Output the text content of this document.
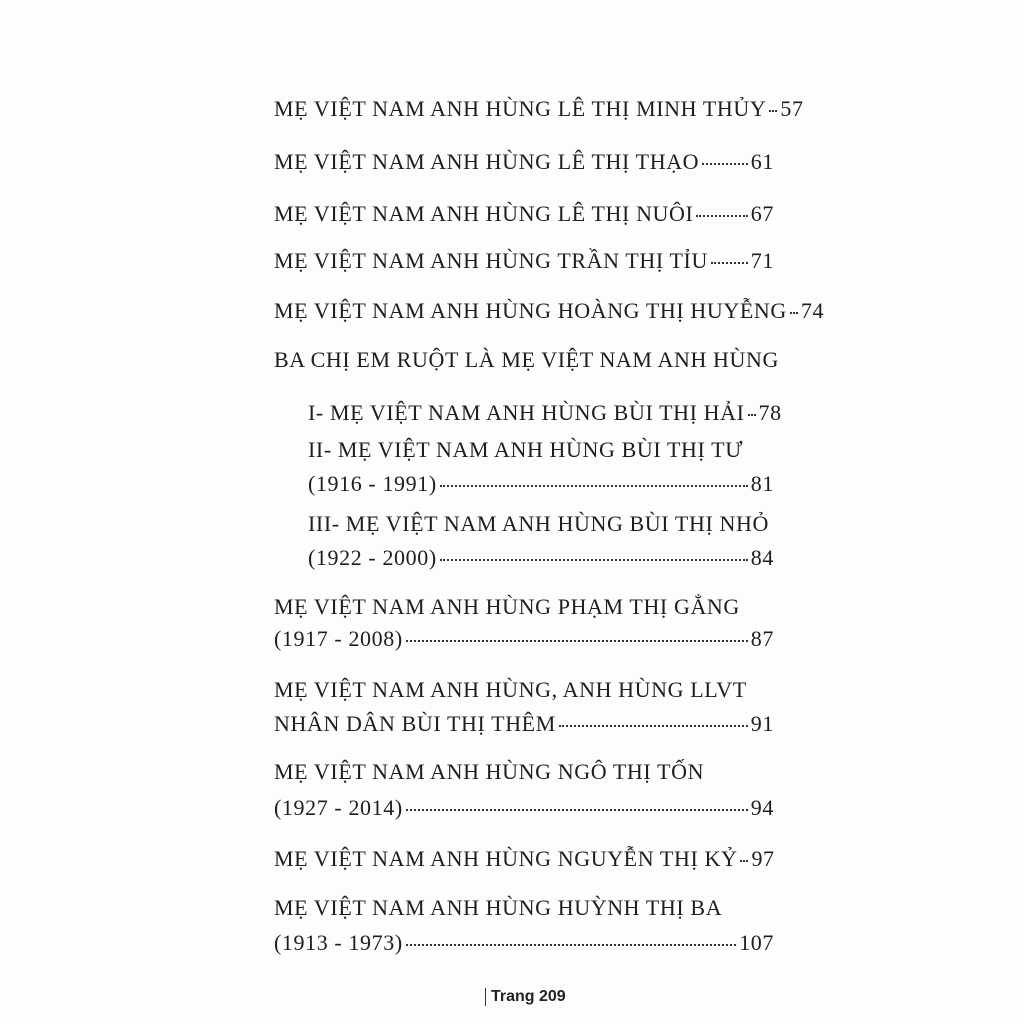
MẸ VIỆT NAM ANH HÙNG LÊ THỊ MINH THỦY 57
MẸ VIỆT NAM ANH HÙNG LÊ THỊ THẠO 61
MẸ VIỆT NAM ANH HÙNG LÊ THỊ NUÔI	67
MẸ VIỆT NAM ANH HÙNG TRẦN THỊ TỈU 71
MẸ VIỆT NAM ANH HÙNG HOÀNG THỊ HUYỄNG 74
BA CHỊ EM RUỘT LÀ MẸ VIỆT NAM ANH HÙNG
I- MẸ VIỆT NAM ANH HÙNG BÙI THỊ HẢI 78
II- MẸ VIỆT NAM ANH HÙNG BÙI THỊ TƯ
(1916 - 1991)	81
III- MẸ VIỆT NAM ANH HÙNG BÙI THỊ NHỎ
(1922 - 2000)	84
MẸ VIỆT NAM ANH HÙNG PHẠM THỊ GẲNG
(1917 - 2008)	87
MẸ VIỆT NAM ANH HÙNG, ANH HÙNG LLVT
NHÂN DÂN BÙI THỊ THÊM	91
MẸ VIỆT NAM ANH HÙNG NGÔ THỊ TỐN
(1927 - 2014)	94
MẸ VIỆT NAM ANH HÙNG NGUYỄN THỊ KỶ 97
MẸ VIỆT NAM ANH HÙNG HUỲNH THỊ BA
(1913 - 1973)	107
Trang 209
